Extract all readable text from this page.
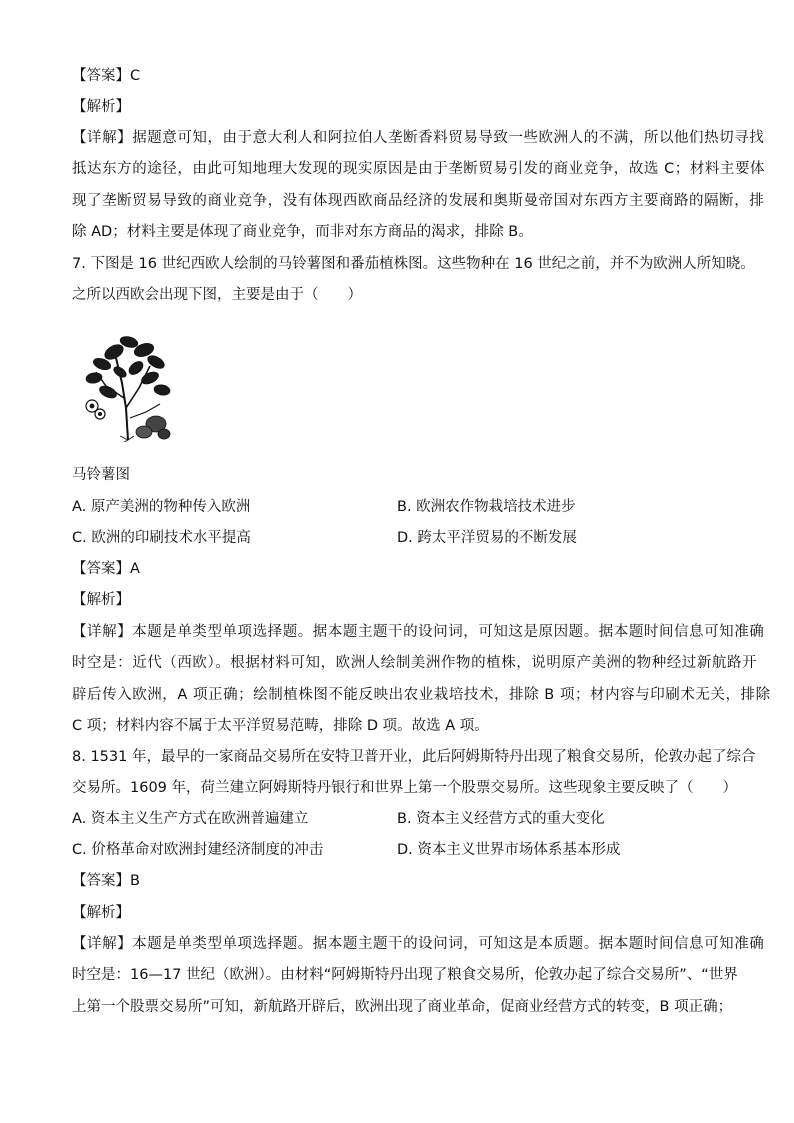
【答案】C
【解析】
【详解】据题意可知，由于意大利人和阿拉伯人垄断香料贸易导致一些欧洲人的不满，所以他们热切寻找
抵达东方的途径，由此可知地理大发现的现实原因是由于垄断贸易引发的商业竞争，故选 C；材料主要体
现了垄断贸易导致的商业竞争，没有体现西欧商品经济的发展和奥斯曼帝国对东西方主要商路的隔断，排
除 AD；材料主要是体现了商业竞争，而非对东方商品的渴求，排除 B。
7. 下图是 16 世纪西欧人绘制的马铃薯图和番茄植株图。这些物种在 16 世纪之前，并不为欧洲人所知晓。
之所以西欧会出现下图，主要是由于（　　）
马铃薯图
A. 原产美洲的物种传入欧洲	B. 欧洲农作物栽培技术进步
C. 欧洲的印刷技术水平提高	D. 跨太平洋贸易的不断发展
【答案】A
【解析】
【详解】本题是单类型单项选择题。据本题主题干的设问词，可知这是原因题。据本题时间信息可知准确
时空是：近代（西欧）。根据材料可知，欧洲人绘制美洲作物的植株，说明原产美洲的物种经过新航路开
辟后传入欧洲，A 项正确；绘制植株图不能反映出农业栽培技术，排除 B 项；材内容与印刷术无关，排除
C 项；材料内容不属于太平洋贸易范畴，排除 D 项。故选 A 项。
8. 1531 年，最早的一家商品交易所在安特卫普开业，此后阿姆斯特丹出现了粮食交易所，伦敦办起了综合
交易所。1609 年，荷兰建立阿姆斯特丹银行和世界上第一个股票交易所。这些现象主要反映了（　　）
A. 资本主义生产方式在欧洲普遍建立	B. 资本主义经营方式的重大变化
C. 价格革命对欧洲封建经济制度的冲击	D. 资本主义世界市场体系基本形成
【答案】B
【解析】
【详解】本题是单类型单项选择题。据本题主题干的设问词，可知这是本质题。据本题时间信息可知准确
时空是：16—17 世纪（欧洲）。由材料“阿姆斯特丹出现了粮食交易所，伦敦办起了综合交易所”、“世界
上第一个股票交易所”可知，新航路开辟后，欧洲出现了商业革命，促商业经营方式的转变，B 项正确；
